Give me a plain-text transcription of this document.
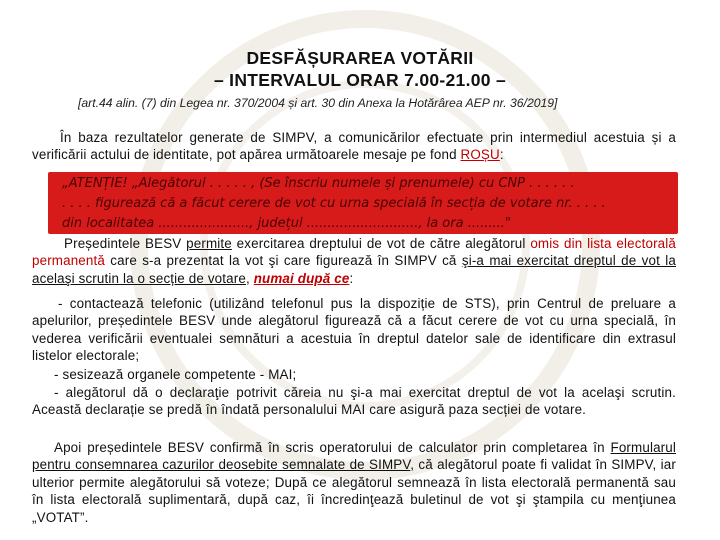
DESFĂȘURAREA VOTĂRII
– INTERVALUL ORAR 7.00-21.00 –
[art.44 alin. (7) din Legea nr. 370/2004 și art. 30 din Anexa la Hotărârea AEP nr. 36/2019]
În baza rezultatelor generate de SIMPV, a comunicărilor efectuate prin intermediul acestuia și a verificării actului de identitate, pot apărea următoarele mesaje pe fond ROȘU:
„ATENȚIE! „Alegătorul . . . . . , (Se înscriu numele și prenumele) cu CNP . . . . . .
. . . . figurează că a făcut cerere de vot cu urna specială în secția de votare nr. . . . .
din localitatea ......................, județul ..........................., la ora ........."
Președintele BESV permite exercitarea dreptului de vot de către alegătorul omis din lista electorală permanentă care s-a prezentat la vot şi care figurează în SIMPV că şi-a mai exercitat dreptul de vot la acelaşi scrutin la o secție de votare, numai după ce:
- contactează telefonic (utilizând telefonul pus la dispoziție de STS), prin Centrul de preluare a apelurilor, președintele BESV unde alegătorul figurează că a făcut cerere de vot cu urna specială, în vederea verificării eventualei semnături a acestuia în dreptul datelor sale de identificare din extrasul listelor electorale;
- sesizează organele competente - MAI;
- alegătorul dă o declaraţie potrivit căreia nu şi-a mai exercitat dreptul de vot la acelaşi scrutin. Această declarație se predă în îndată personalului MAI care asigură paza secției de votare.
Apoi președintele BESV confirmă în scris operatorului de calculator prin completarea în Formularul pentru consemnarea cazurilor deosebite semnalate de SIMPV, că alegătorul poate fi validat în SIMPV, iar ulterior permite alegătorului să voteze; După ce alegătorul semnează în lista electorală permanentă sau în lista electorală suplimentară, după caz, îi încredinţează buletinul de vot şi ştampila cu menţiunea „VOTAT”.
